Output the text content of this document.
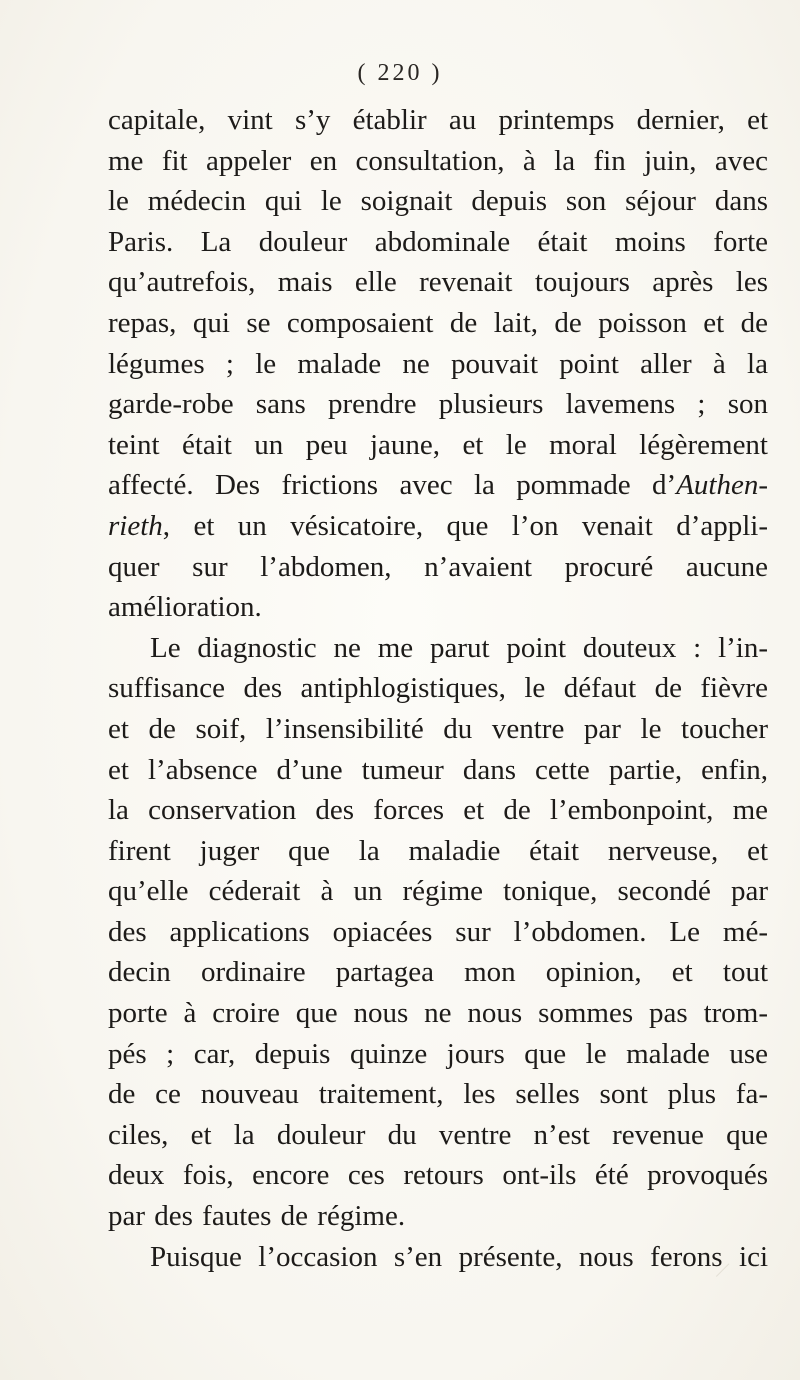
( 220 )
capitale, vint s’y établir au printemps dernier, et
me fit appeler en consultation, à la fin juin, avec
le médecin qui le soignait depuis son séjour dans
Paris. La douleur abdominale était moins forte
qu’autrefois, mais elle revenait toujours après les
repas, qui se composaient de lait, de poisson et de
légumes ; le malade ne pouvait point aller à la
garde-robe sans prendre plusieurs lavemens ; son
teint était un peu jaune, et le moral légèrement
affecté. Des frictions avec la pommade d’Authen-
rieth, et un vésicatoire, que l’on venait d’appli-
quer sur l’abdomen, n’avaient procuré aucune
amélioration.
Le diagnostic ne me parut point douteux : l’in-
suffisance des antiphlogistiques, le défaut de fièvre
et de soif, l’insensibilité du ventre par le toucher
et l’absence d’une tumeur dans cette partie, enfin,
la conservation des forces et de l’embonpoint, me
firent juger que la maladie était nerveuse, et
qu’elle céderait à un régime tonique, secondé par
des applications opiacées sur l’obdomen. Le mé-
decin ordinaire partagea mon opinion, et tout
porte à croire que nous ne nous sommes pas trom-
pés ; car, depuis quinze jours que le malade use
de ce nouveau traitement, les selles sont plus fa-
ciles, et la douleur du ventre n’est revenue que
deux fois, encore ces retours ont-ils été provoqués
par des fautes de régime.
Puisque l’occasion s’en présente, nous ferons ici
